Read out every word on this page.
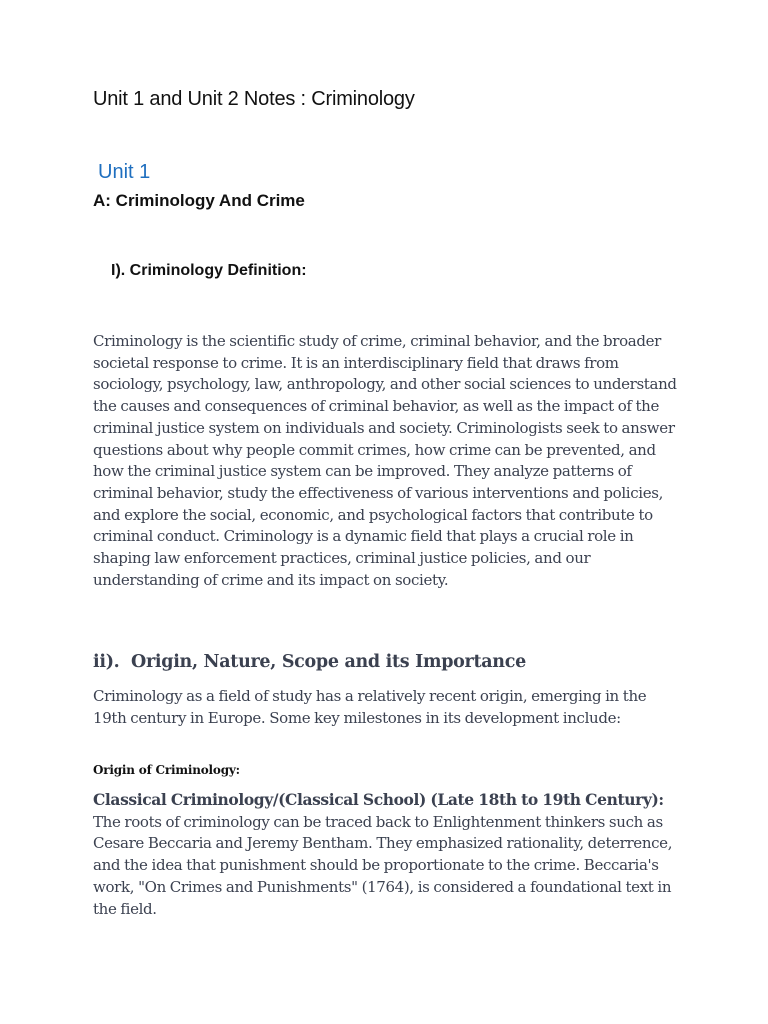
Unit 1 and Unit 2 Notes : Criminology
Unit 1
A: Criminology And Crime
I). Criminology Definition:

Criminology is the scientific study of crime, criminal behavior, and the broader societal response to crime. It is an interdisciplinary field that draws from sociology, psychology, law, anthropology, and other social sciences to understand the causes and consequences of criminal behavior, as well as the impact of the criminal justice system on individuals and society. Criminologists seek to answer questions about why people commit crimes, how crime can be prevented, and how the criminal justice system can be improved. They analyze patterns of criminal behavior, study the effectiveness of various interventions and policies, and explore the social, economic, and psychological factors that contribute to criminal conduct. Criminology is a dynamic field that plays a crucial role in shaping law enforcement practices, criminal justice policies, and our understanding of crime and its impact on society.

ii).  Origin, Nature, Scope and its Importance

Criminology as a field of study has a relatively recent origin, emerging in the 19th century in Europe. Some key milestones in its development include:

Origin of Criminology:

Classical Criminology/(Classical School) (Late 18th to 19th Century): The roots of criminology can be traced back to Enlightenment thinkers such as Cesare Beccaria and Jeremy Bentham. They emphasized rationality, deterrence, and the idea that punishment should be proportionate to the crime. Beccaria's work, "On Crimes and Punishments" (1764), is considered a foundational text in the field.
